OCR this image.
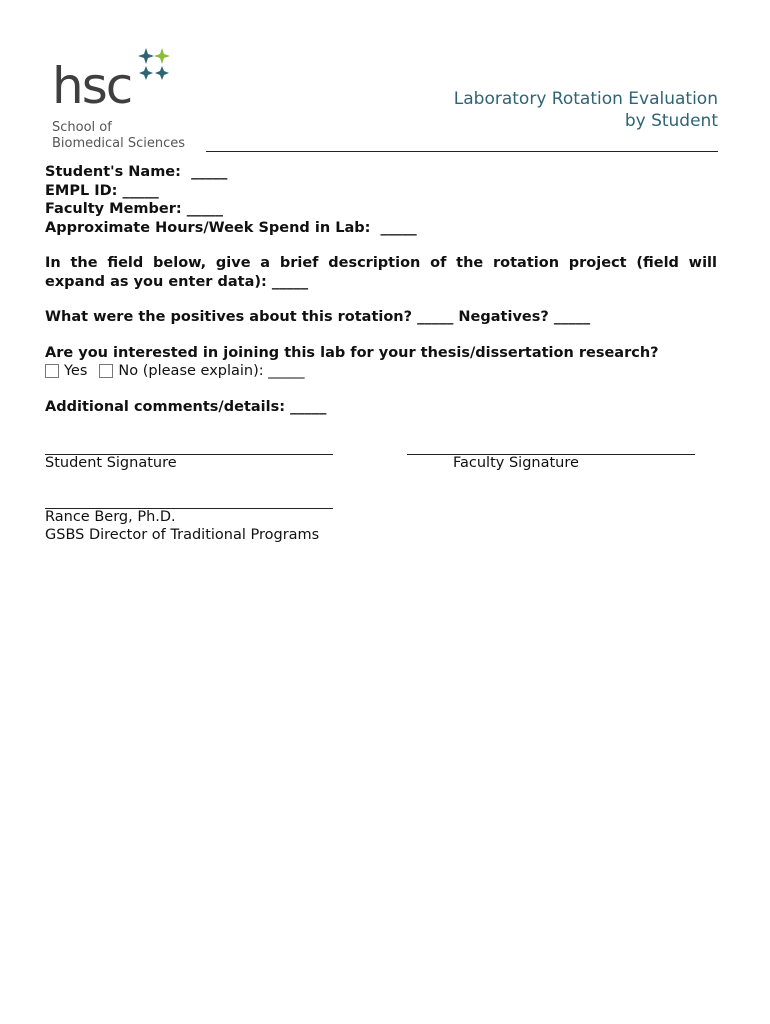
hsc
School of
Biomedical Sciences
Laboratory Rotation Evaluation
by Student

Student's Name: _____

EMPL ID: _____

Faculty Member: _____

Approximate Hours/Week Spend in Lab: _____

In the field below, give a brief description of the rotation project (field will expand as you enter data): _____

What were the positives about this rotation? _____ Negatives? _____

Are you interested in joining this lab for your thesis/dissertation research?

Yes No (please explain):
_____

Additional comments/details: _____

Student Signature	Faculty Signature
Rance Berg, Ph.D.
GSBS Director of Traditional Programs
